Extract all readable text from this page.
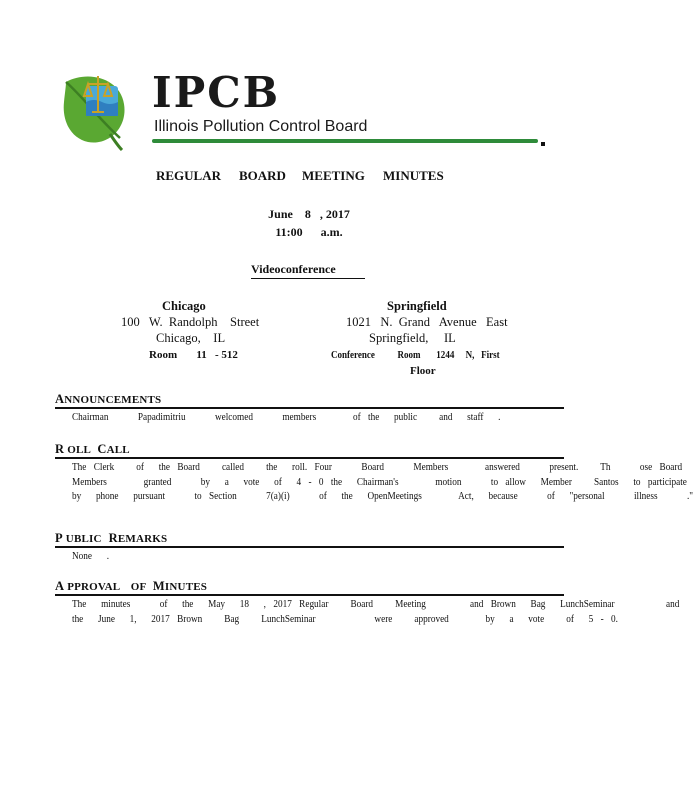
IPCB
Illinois Pollution Control Board
REGULAR BOARD MEETING MINUTES
June    8   , 2017
11:00      a.m.
Videoconference
Chicago
100   W.  Randolph    Street
Chicago,    IL
Room       11   - 512
Springfield
1021   N.  Grand   Avenue   East
Springfield,     IL
Conference          Room       1244     N,   First
Floor
ANNOUNCEMENTS
Chairman    Papadimitriu    welcomed    members     of the  public   and  staff  .
R OLL CALL
The Clerk   of  the Board   called   the  roll. Four    Board    Members     answered    present.   Th    ose Board
Members     granted    by  a  vote  of  4 - 0 the  Chairman's     motion    to allow  Member   Santos  to participate
by  phone  pursuant    to Section    7(a)(i)    of  the  OpenMeetings     Act,  because    of  "personal    illness    ."
P UBLIC REMARKS
None  .
A PPROVAL OF MINUTES
The  minutes    of  the  May  18  , 2017 Regular   Board   Meeting      and Brown  Bag  LunchSeminar       and
the  June  1,  2017 Brown   Bag   LunchSeminar        were   approved     by  a  vote   of  5 - 0.
